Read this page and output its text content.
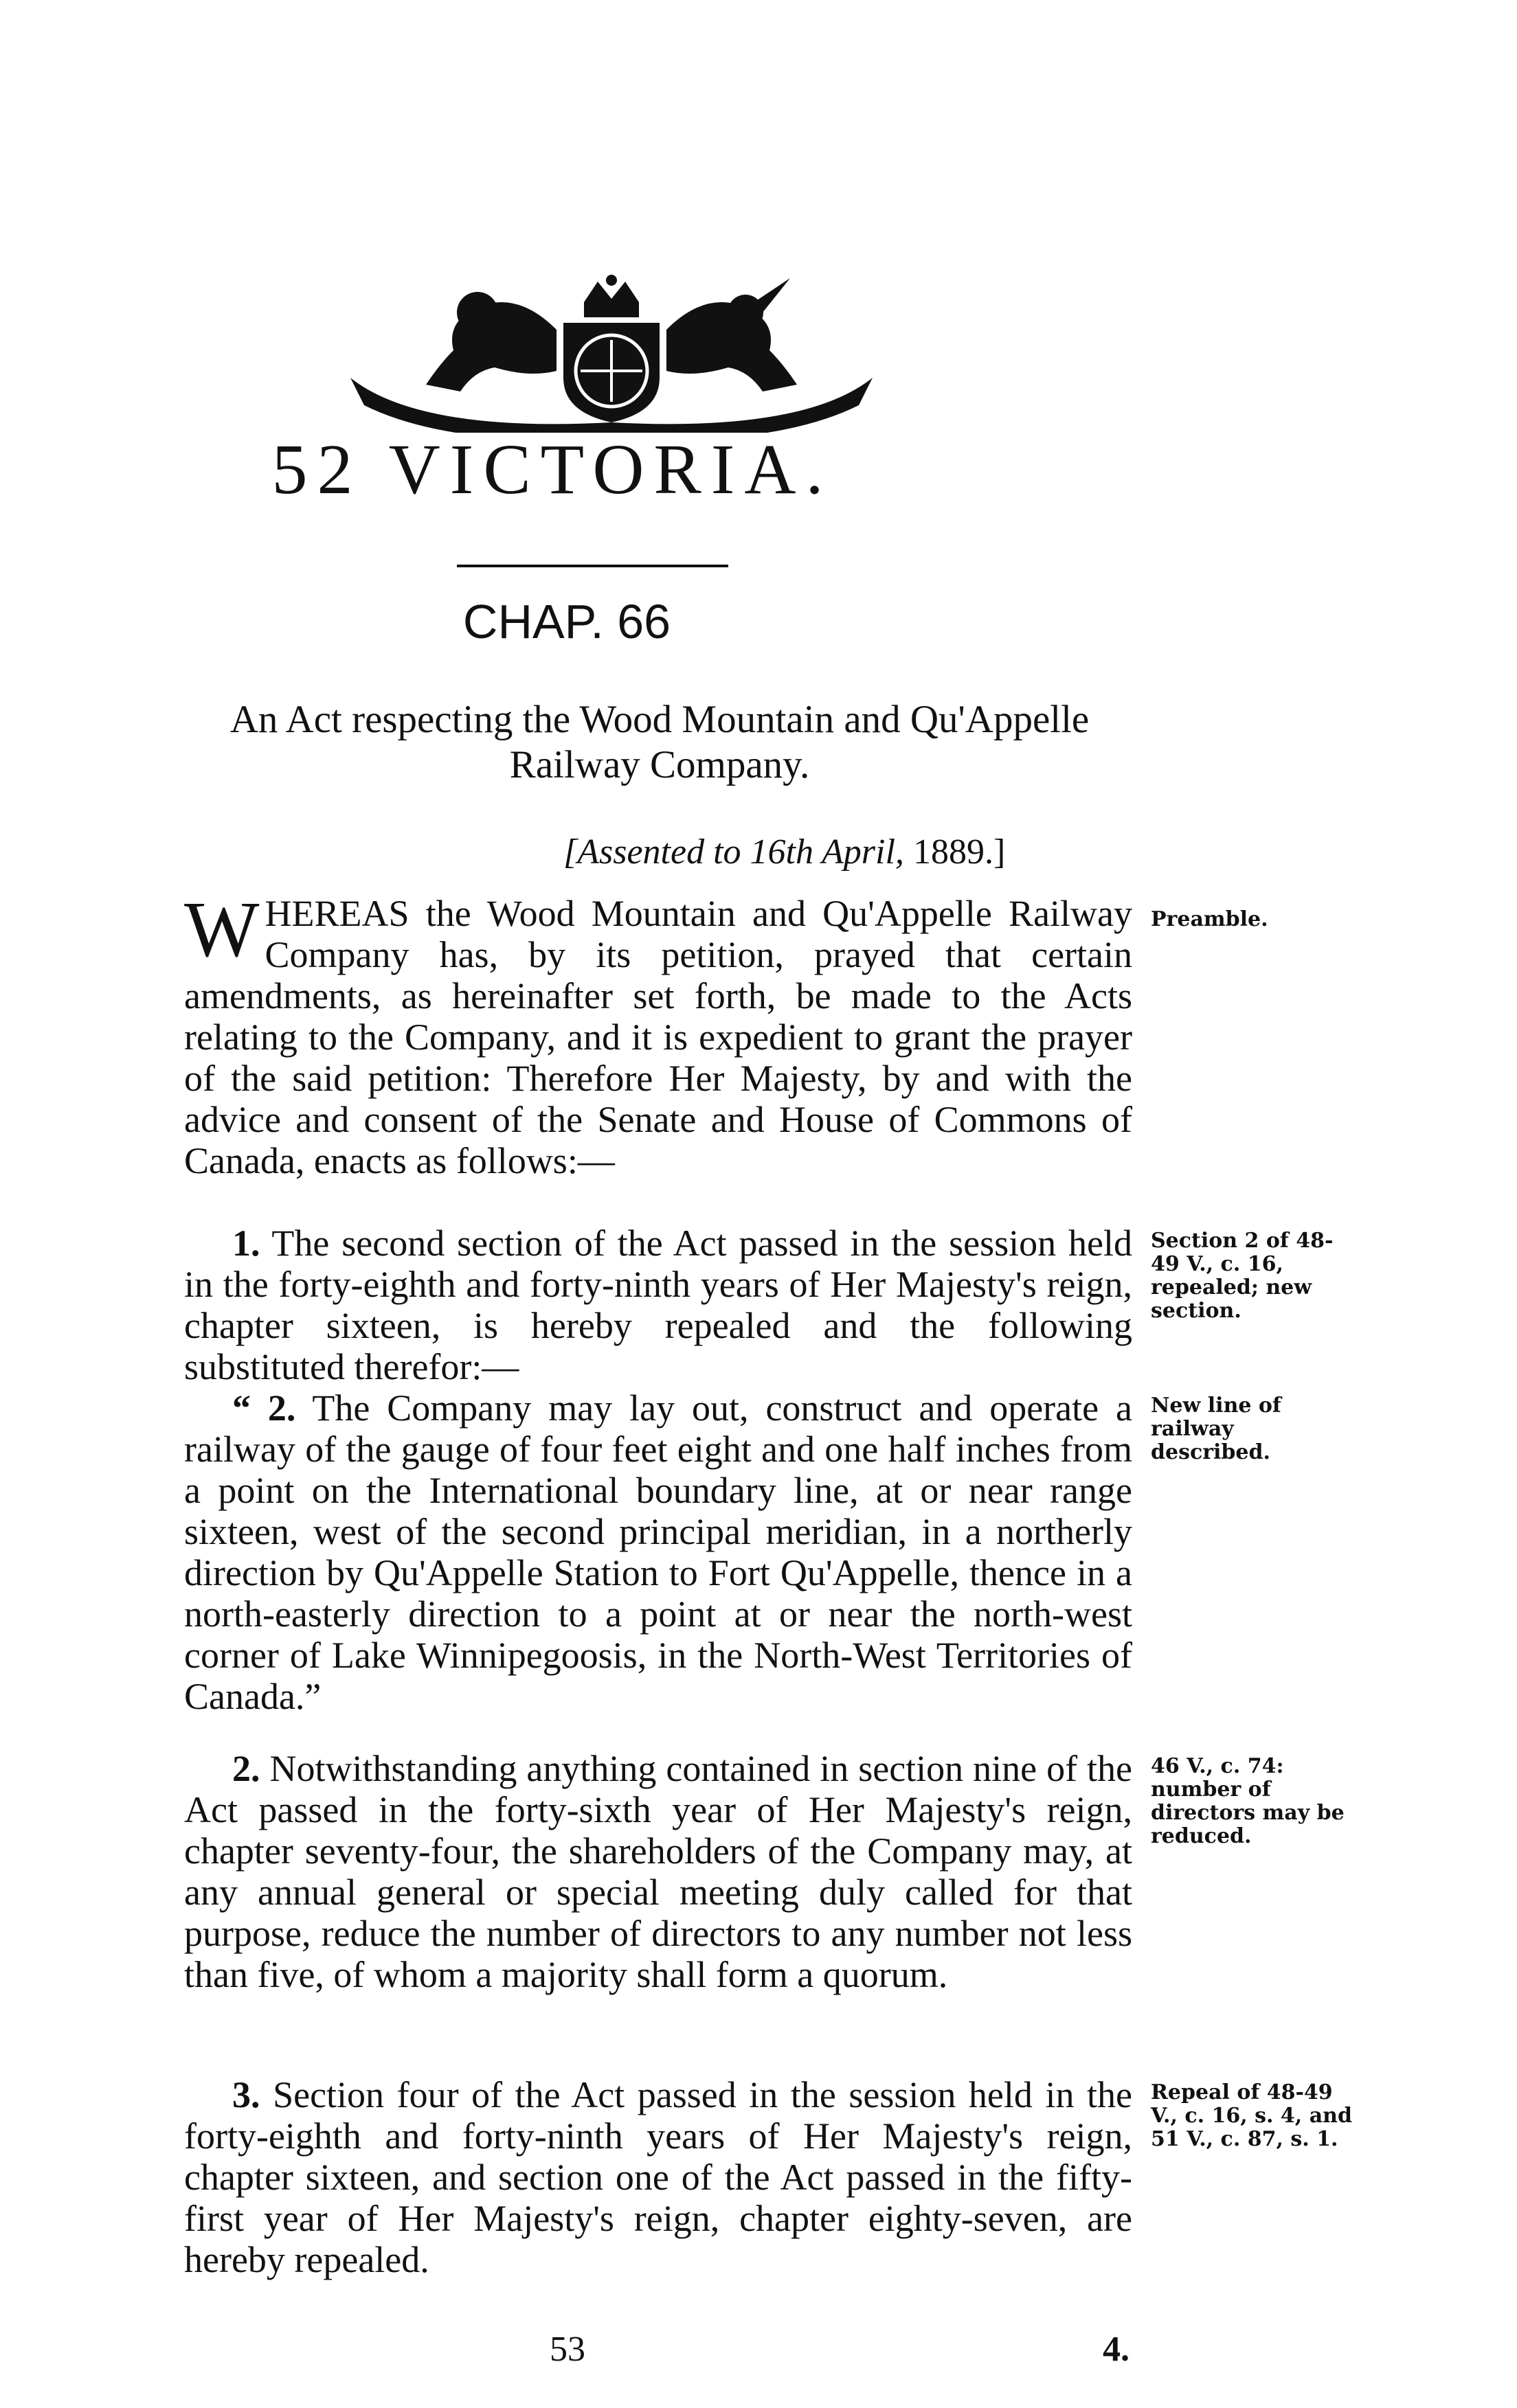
52 VICTORIA.
CHAP. 66
An Act respecting the Wood Mountain and Qu'Appelle Railway Company.
[Assented to 16th April, 1889.]

WHEREAS the Wood Mountain and Qu'Appelle Railway Company has, by its petition, prayed that certain amendments, as hereinafter set forth, be made to the Acts relating to the Company, and it is expedient to grant the prayer of the said petition: Therefore Her Majesty, by and with the advice and consent of the Senate and House of Commons of Canada, enacts as follows:—

Preamble.

1. The second section of the Act passed in the session held in the forty-eighth and forty-ninth years of Her Majesty's reign, chapter sixteen, is hereby repealed and the following substituted therefor:—

Section 2 of 48-49 V., c. 16, repealed; new section.

“ 2. The Company may lay out, construct and operate a railway of the gauge of four feet eight and one half inches from a point on the International boundary line, at or near range sixteen, west of the second principal meridian, in a northerly direction by Qu'Appelle Station to Fort Qu'Appelle, thence in a north-easterly direction to a point at or near the north-west corner of Lake Winnipegoosis, in the North-West Territories of Canada.”

New line of railway described.

2. Notwithstanding anything contained in section nine of the Act passed in the forty-sixth year of Her Majesty's reign, chapter seventy-four, the shareholders of the Company may, at any annual general or special meeting duly called for that purpose, reduce the number of directors to any number not less than five, of whom a majority shall form a quorum.

46 V., c. 74: number of directors may be reduced.

3. Section four of the Act passed in the session held in the forty-eighth and forty-ninth years of Her Majesty's reign, chapter sixteen, and section one of the Act passed in the fifty-first year of Her Majesty's reign, chapter eighty-seven, are hereby repealed.

Repeal of 48-49 V., c. 16, s. 4, and 51 V., c. 87, s. 1.
53	4.
